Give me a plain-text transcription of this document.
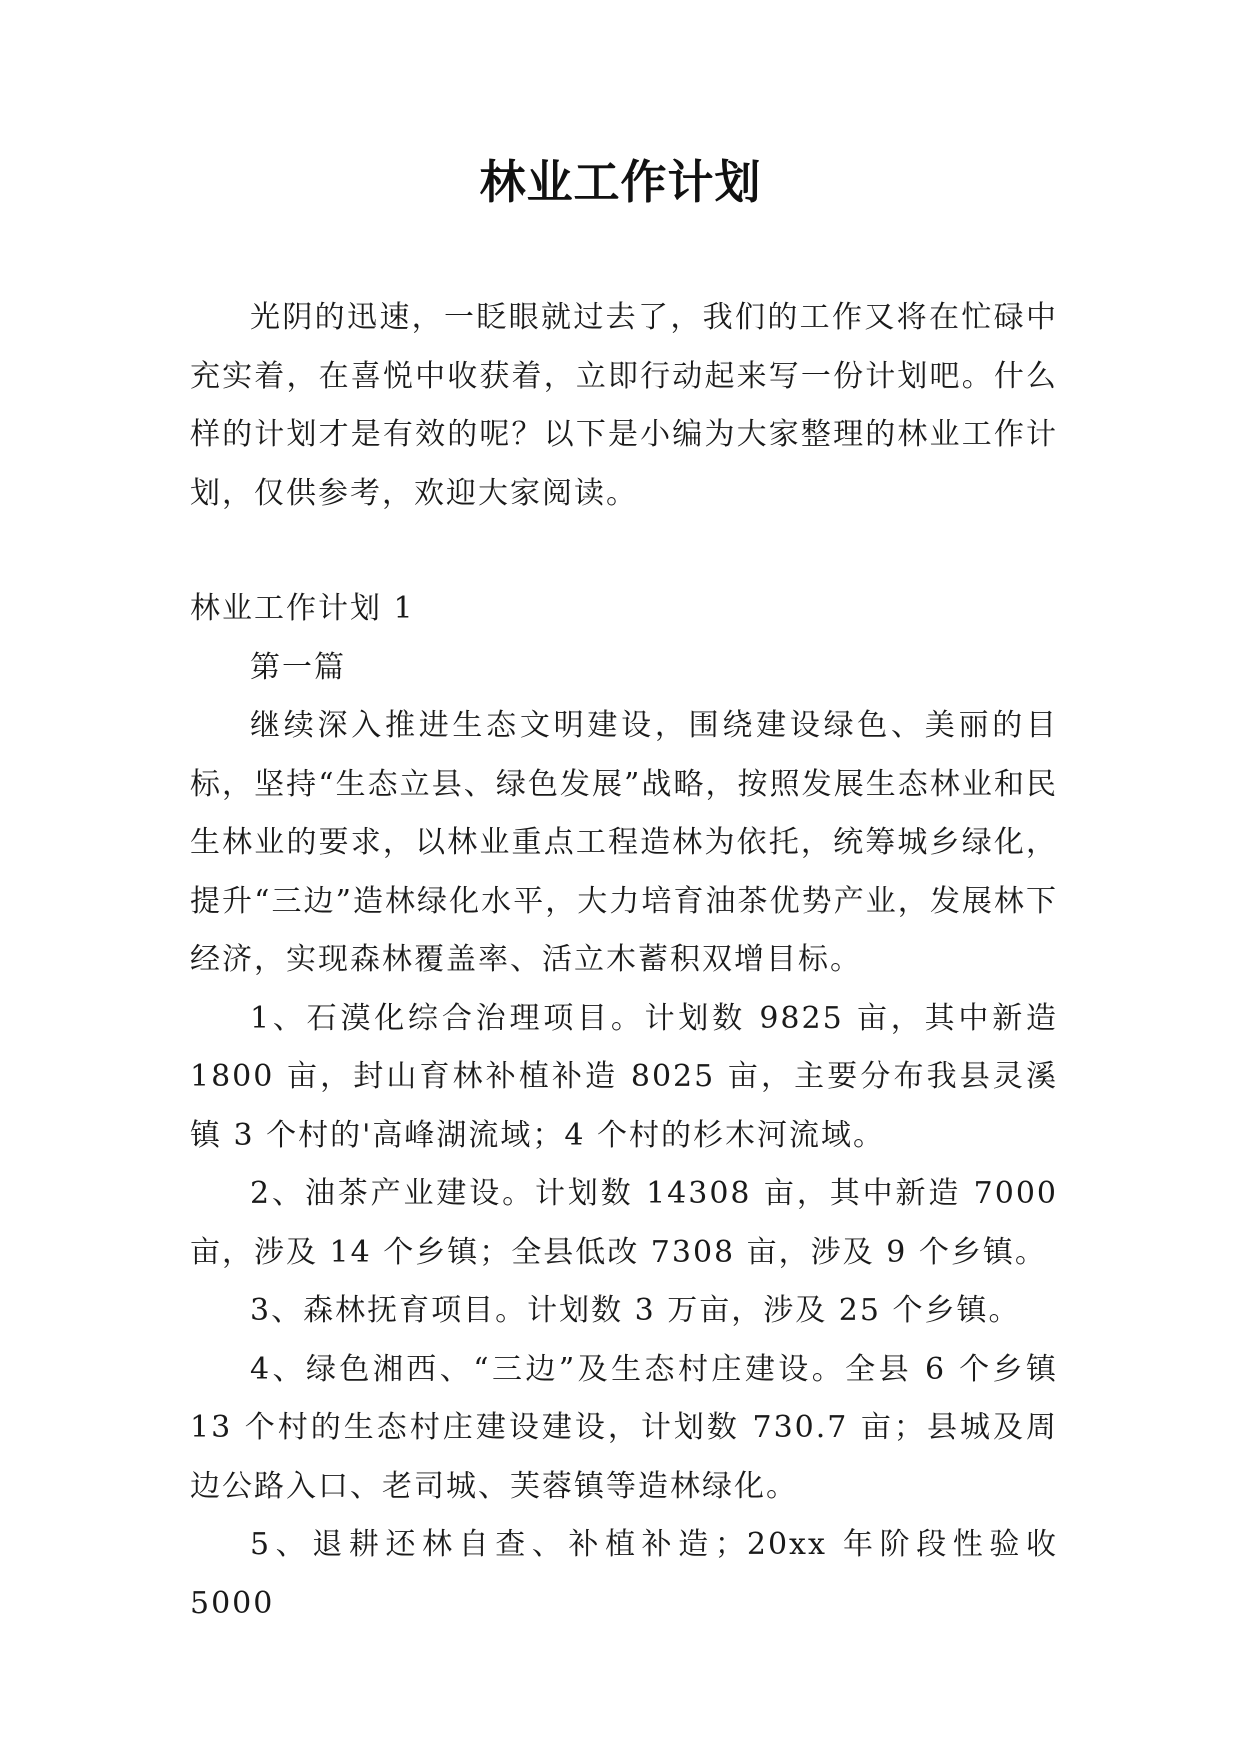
林业工作计划

光阴的迅速，一眨眼就过去了，我们的工作又将在忙碌中充实着，在喜悦中收获着，立即行动起来写一份计划吧。什么样的计划才是有效的呢？以下是小编为大家整理的林业工作计划，仅供参考，欢迎大家阅读。

林业工作计划 1

第一篇

继续深入推进生态文明建设，围绕建设绿色、美丽的目标，坚持“生态立县、绿色发展”战略，按照发展生态林业和民生林业的要求，以林业重点工程造林为依托，统筹城乡绿化，提升“三边”造林绿化水平，大力培育油茶优势产业，发展林下经济，实现森林覆盖率、活立木蓄积双增目标。

1、石漠化综合治理项目。计划数 9825 亩，其中新造 1800 亩，封山育林补植补造 8025 亩，主要分布我县灵溪镇 3 个村的'高峰湖流域；4 个村的杉木河流域。

2、油茶产业建设。计划数 14308 亩，其中新造 7000 亩，涉及 14 个乡镇；全县低改 7308 亩，涉及 9 个乡镇。

3、森林抚育项目。计划数 3 万亩，涉及 25 个乡镇。

4、绿色湘西、“三边”及生态村庄建设。全县 6 个乡镇 13 个村的生态村庄建设建设，计划数 730.7 亩；县城及周边公路入口、老司城、芙蓉镇等造林绿化。

5、退耕还林自查、补植补造；20xx 年阶段性验收 5000
